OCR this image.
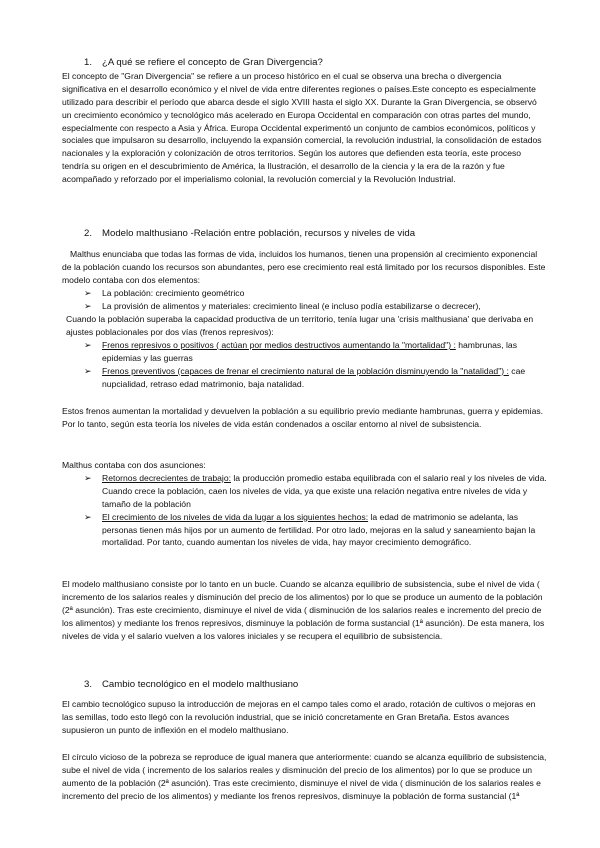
1. ¿A qué se refiere el concepto de Gran Divergencia?

El concepto de "Gran Divergencia" se refiere a un proceso histórico en el cual se observa una brecha o divergencia significativa en el desarrollo económico y el nivel de vida entre diferentes regiones o países.Este concepto es especialmente utilizado para describir el período que abarca desde el siglo XVIII hasta el siglo XX. Durante la Gran Divergencia, se observó un crecimiento económico y tecnológico más acelerado en Europa Occidental en comparación con otras partes del mundo, especialmente con respecto a Asia y África. Europa Occidental experimentó un conjunto de cambios económicos, políticos y sociales que impulsaron su desarrollo, incluyendo la expansión comercial, la revolución industrial, la consolidación de estados nacionales y la exploración y colonización de otros territorios. Según los autores que defienden esta teoría, este proceso tendría su origen en el descubrimiento de América, la Ilustración, el desarrollo de la ciencia y la era de la razón y fue acompañado y reforzado por el imperialismo colonial, la revolución comercial y la Revolución Industrial.

2. Modelo malthusiano -Relación entre población, recursos y niveles de vida

Malthus enunciaba que todas las formas de vida, incluidos los humanos, tienen una propensión al crecimiento exponencial de la población cuando los recursos son abundantes, pero ese crecimiento real está limitado por los recursos disponibles. Este modelo contaba con dos elementos:

➢ La población: crecimiento geométrico
➢ La provisión de alimentos y materiales: crecimiento lineal (e incluso podía estabilizarse o decrecer),

Cuando la población superaba la capacidad productiva de un territorio, tenía lugar una 'crisis malthusiana' que derivaba en ajustes poblacionales por dos vías (frenos represivos):

➢ Frenos represivos o positivos ( actúan por medios destructivos aumentando la "mortalidad") : hambrunas, las epidemias y las guerras
➢ Frenos preventivos (capaces de frenar el crecimiento natural de la población disminuyendo la "natalidad") : cae nupcialidad, retraso edad matrimonio, baja natalidad.

Estos frenos aumentan la mortalidad y devuelven la población a su equilibrio previo mediante hambrunas, guerra y epidemias. Por lo tanto, según esta teoría los niveles de vida están condenados a oscilar entorno al nivel de subsistencia.

Malthus contaba con dos asunciones:

➢ Retornos decrecientes de trabajo: la producción promedio estaba equilibrada con el salario real y los niveles de vida. Cuando crece la población, caen los niveles de vida, ya que existe una relación negativa entre niveles de vida y tamaño de la población
➢ El crecimiento de los niveles de vida da lugar a los siguientes hechos: la edad de matrimonio se adelanta, las personas tienen más hijos por un aumento de fertilidad. Por otro lado, mejoras en la salud y saneamiento bajan la mortalidad. Por tanto, cuando aumentan los niveles de vida, hay mayor crecimiento demográfico.

El modelo malthusiano consiste por lo tanto en un bucle. Cuando se alcanza equilibrio de subsistencia, sube el nivel de vida ( incremento de los salarios reales y disminución del precio de los alimentos) por lo que se produce un aumento de la población (2ª asunción). Tras este crecimiento, disminuye el nivel de vida ( disminución de los salarios reales e incremento del precio de los alimentos) y mediante los frenos represivos, disminuye la población de forma sustancial (1ª asunción). De esta manera, los niveles de vida y el salario vuelven a los valores iniciales y se recupera el equilibrio de subsistencia.

3. Cambio tecnológico en el modelo malthusiano

El cambio tecnológico supuso la introducción de mejoras en el campo tales como el arado, rotación de cultivos o mejoras en las semillas, todo esto llegó con la revolución industrial, que se inició concretamente en Gran Bretaña. Estos avances supusieron un punto de inflexión en el modelo malthusiano.

El círculo vicioso de la pobreza se reproduce de igual manera que anteriormente: cuando se alcanza equilibrio de subsistencia, sube el nivel de vida ( incremento de los salarios reales y disminución del precio de los alimentos) por lo que se produce un aumento de la población (2ª asunción). Tras este crecimiento, disminuye el nivel de vida ( disminución de los salarios reales e incremento del precio de los alimentos) y mediante los frenos represivos, disminuye la población de forma sustancial (1ª
